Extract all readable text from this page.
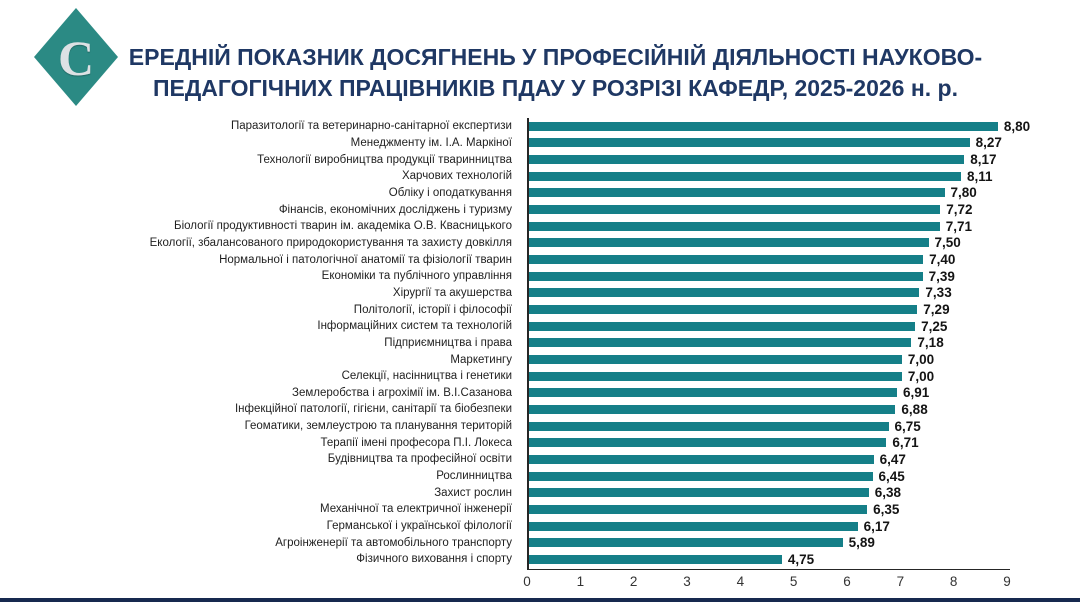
С	ЕРЕДНІЙ ПОКАЗНИК ДОСЯГНЕНЬ У ПРОФЕСІЙНІЙ ДІЯЛЬНОСТІ НАУКОВО-
ПЕДАГОГІЧНИХ ПРАЦІВНИКІВ ПДАУ У РОЗРІЗІ КАФЕДР, 2025-2026 н. р.
Паразитології та ветеринарно-санітарної експертизи	8,80
Менеджменту ім. І.А. Маркіної	8,27
Технології виробництва продукції тваринництва	8,17
Харчових технологій	8,11
Обліку і оподаткування	7,80
Фінансів, економічних досліджень і туризму	7,72
Біології продуктивності тварин ім. академіка О.В. Квасницького	7,71
Екології, збалансованого природокористування та захисту довкілля	7,50
Нормальної і патологічної анатомії та фізіології тварин	7,40
Економіки та публічного управління	7,39
Хірургії та акушерства	7,33
Політології, історії і філософії	7,29
Інформаційних систем та технологій	7,25
Підприємництва і права	7,18
Маркетингу	7,00
Селекції, насінництва і генетики	7,00
Землеробства і агрохімії ім. В.І.Сазанова	6,91
Інфекційної патології, гігієни, санітарії та біобезпеки	6,88
Геоматики, землеустрою та планування територій	6,75
Терапії імені професора П.І. Локеса	6,71
Будівництва та професійної освіти	6,47
Рослинництва	6,45
Захист рослин	6,38
Механічної та електричної інженерії	6,35
Германської і української філології	6,17
Агроінженерії та автомобільного транспорту	5,89
Фізичного виховання і спорту	4,75
0	1	2	3	4	5	6	7	8	9
